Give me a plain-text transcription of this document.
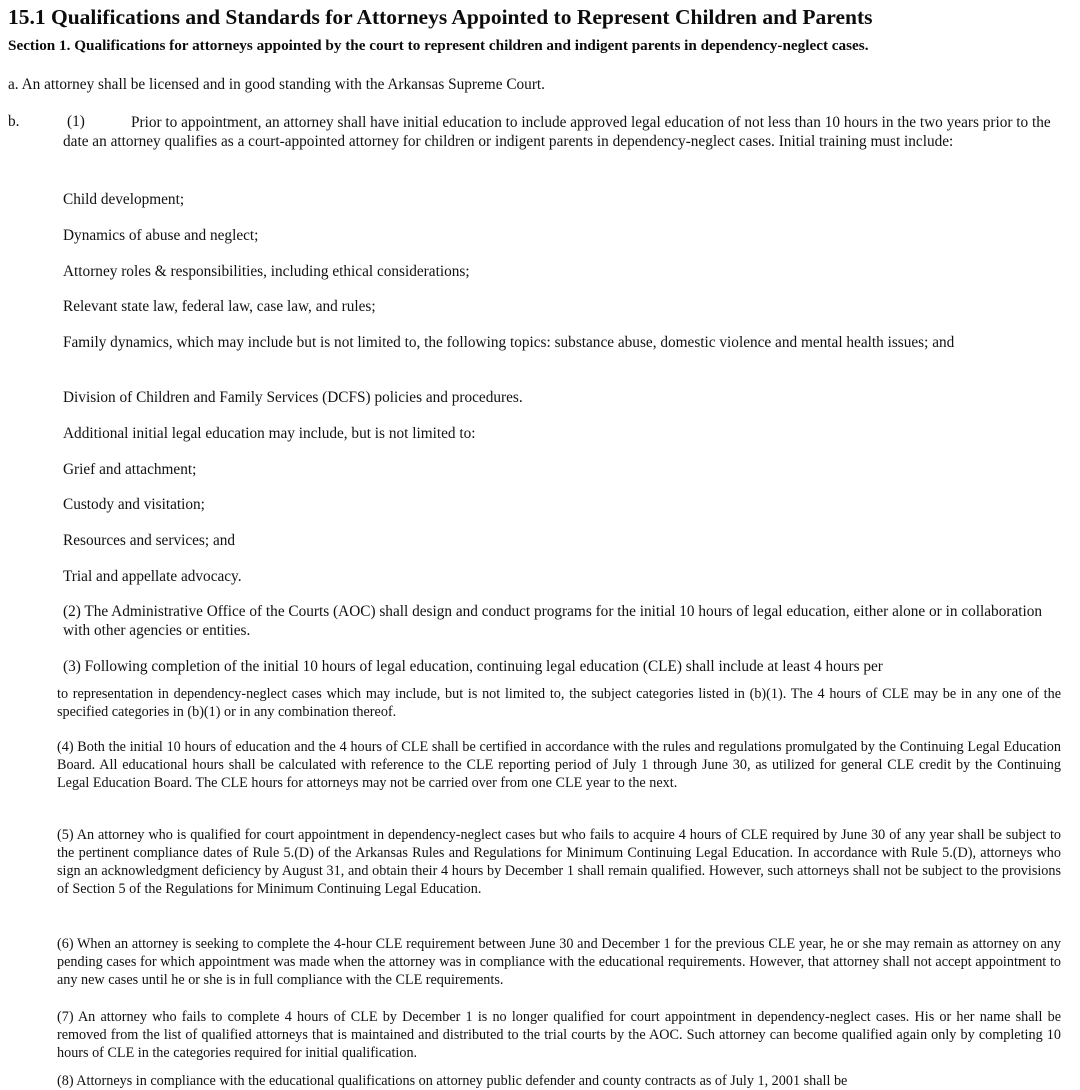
15.1 Qualifications and Standards for Attorneys Appointed to Represent Children and Parents
Section 1. Qualifications for attorneys appointed by the court to represent children and indigent parents in dependency-neglect cases.
a. An attorney shall be licensed and in good standing with the Arkansas Supreme Court.
b.	(1)	Prior to appointment, an attorney shall have initial education to include approved legal education of not less than 10 hours in the two years prior to the date an attorney qualifies as a court-appointed attorney for children or indigent parents in dependency-neglect cases. Initial training must include:
Child development;
Dynamics of abuse and neglect;
Attorney roles & responsibilities, including ethical considerations;
Relevant state law, federal law, case law, and rules;
Family dynamics, which may include but is not limited to, the following topics: substance abuse, domestic violence and mental health issues; and
Division of Children and Family Services (DCFS) policies and procedures.
Additional initial legal education may include, but is not limited to:
Grief and attachment;
Custody and visitation;
Resources and services; and
Trial and appellate advocacy.
(2) The Administrative Office of the Courts (AOC) shall design and conduct programs for the initial 10 hours of legal education, either alone or in collaboration with other agencies or entities.
(3) Following completion of the initial 10 hours of legal education, continuing legal education (CLE) shall include at least 4 hours per
to representation in dependency-neglect cases which may include, but is not limited to, the subject categories listed in (b)(1). The 4 hours of CLE may be in any one of the specified categories in (b)(1) or in any combination thereof.
(4) Both the initial 10 hours of education and the 4 hours of CLE shall be certified in accordance with the rules and regulations promulgated by the Continuing Legal Education Board. All educational hours shall be calculated with reference to the CLE reporting period of July 1 through June 30, as utilized for general CLE credit by the Continuing Legal Education Board. The CLE hours for attorneys may not be carried over from one CLE year to the next.
(5) An attorney who is qualified for court appointment in dependency-neglect cases but who fails to acquire 4 hours of CLE required by June 30 of any year shall be subject to the pertinent compliance dates of Rule 5.(D) of the Arkansas Rules and Regulations for Minimum Continuing Legal Education. In accordance with Rule 5.(D), attorneys who sign an acknowledgment deficiency by August 31, and obtain their 4 hours by December 1 shall remain qualified. However, such attorneys shall not be subject to the provisions of Section 5 of the Regulations for Minimum Continuing Legal Education.
(6) When an attorney is seeking to complete the 4-hour CLE requirement between June 30 and December 1 for the previous CLE year, he or she may remain as attorney on any pending cases for which appointment was made when the attorney was in compliance with the educational requirements. However, that attorney shall not accept appointment to any new cases until he or she is in full compliance with the CLE requirements.
(7) An attorney who fails to complete 4 hours of CLE by December 1 is no longer qualified for court appointment in dependency-neglect cases. His or her name shall be removed from the list of qualified attorneys that is maintained and distributed to the trial courts by the AOC. Such attorney can become qualified again only by completing 10 hours of CLE in the categories required for initial qualification.
(8) Attorneys in compliance with the educational qualifications on attorney public defender and county contracts as of July 1, 2001 shall be
